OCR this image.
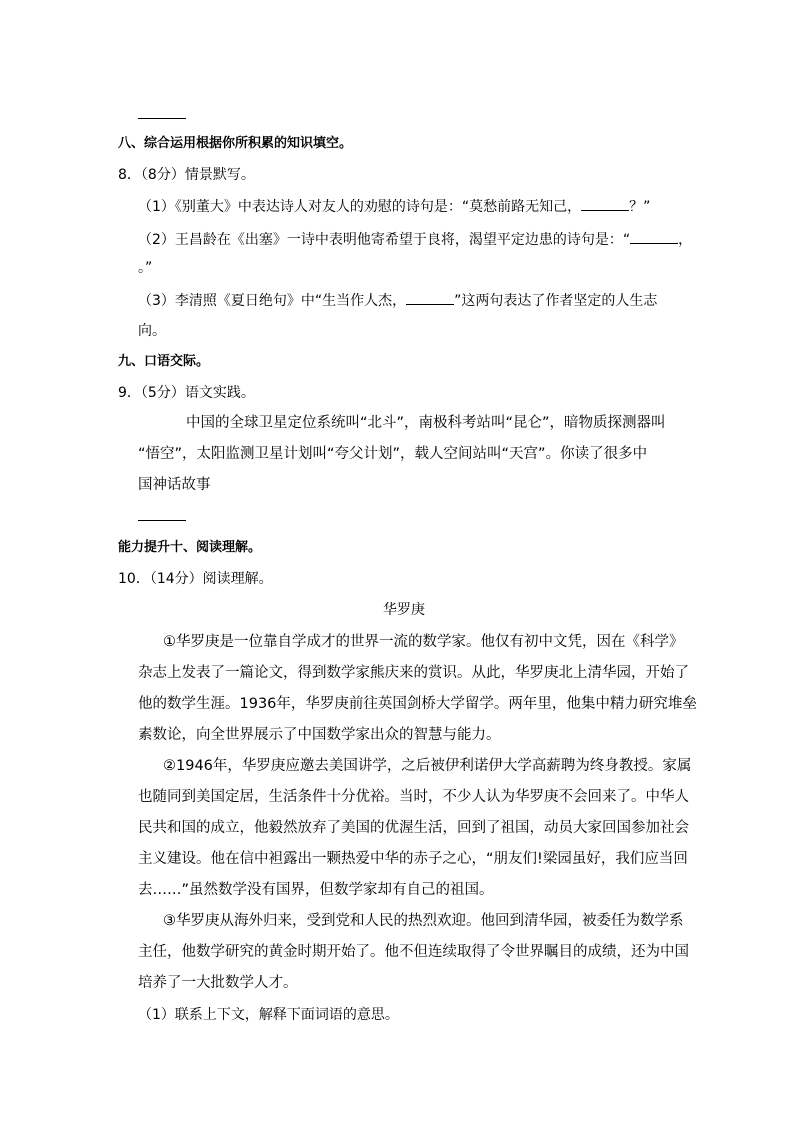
八、综合运用根据你所积累的知识填空。
8．（8分）情景默写。
（1）《别董大》中表达诗人对友人的劝慰的诗句是：“莫愁前路无知己，	？”
（2）王昌龄在《出塞》一诗中表明他寄希望于良将，渴望平定边患的诗句是：“	，
。”
（3）李清照《夏日绝句》中“生当作人杰，	”这两句表达了作者坚定的人生志
向。
九、口语交际。
9．（5分）语文实践。
中国的全球卫星定位系统叫“北斗”，南极科考站叫“昆仑”，暗物质探测器叫
“悟空”，太阳监测卫星计划叫“夸父计划”，载人空间站叫“天宫”。你读了很多中
国神话故事
能力提升十、阅读理解。
10．（14分）阅读理解。
华罗庚
①华罗庚是一位靠自学成才的世界一流的数学家。他仅有初中文凭，因在《科学》
杂志上发表了一篇论文，得到数学家熊庆来的赏识。从此，华罗庚北上清华园，开始了
他的数学生涯。1936年，华罗庚前往英国剑桥大学留学。两年里，他集中精力研究堆垒
素数论，向全世界展示了中国数学家出众的智慧与能力。
②1946年，华罗庚应邀去美国讲学，之后被伊利诺伊大学高薪聘为终身教授。家属
也随同到美国定居，生活条件十分优裕。当时，不少人认为华罗庚不会回来了。中华人
民共和国的成立，他毅然放弃了美国的优渥生活，回到了祖国，动员大家回国参加社会
主义建设。他在信中袒露出一颗热爱中华的赤子之心，“朋友们!梁园虽好，我们应当回
去……”虽然数学没有国界，但数学家却有自己的祖国。
③华罗庚从海外归来，受到党和人民的热烈欢迎。他回到清华园，被委任为数学系
主任，他数学研究的黄金时期开始了。他不但连续取得了令世界瞩目的成绩，还为中国
培养了一大批数学人才。
（1）联系上下文，解释下面词语的意思。
